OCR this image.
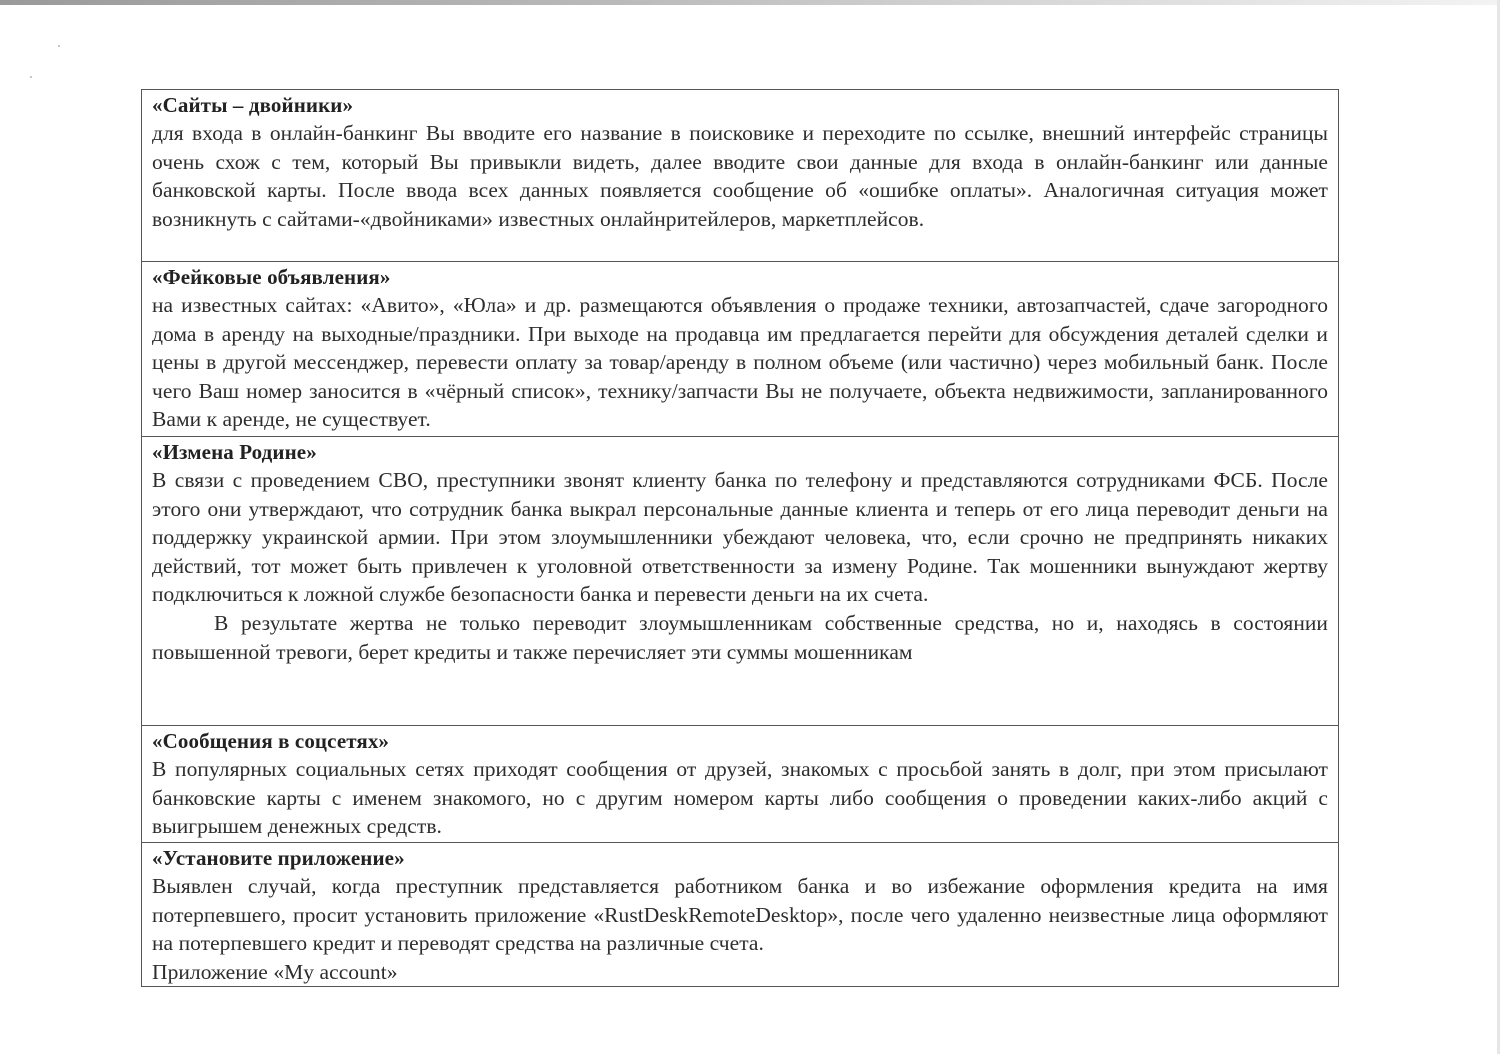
«Сайты – двойники»

для входа в онлайн-банкинг Вы вводите его название в поисковике и переходите по ссылке, внешний интерфейс страницы очень схож с тем, который Вы привыкли видеть, далее вводите свои данные для входа в онлайн-банкинг или данные банковской карты. После ввода всех данных появляется сообщение об «ошибке оплаты». Аналогичная ситуация может возникнуть с сайтами-«двойниками» известных онлайнритейлеров, маркетплейсов.

«Фейковые объявления»

на известных сайтах: «Авито», «Юла» и др. размещаются объявления о продаже техники, автозапчастей, сдаче загородного дома в аренду на выходные/праздники. При выходе на продавца им предлагается перейти для обсуждения деталей сделки и цены в другой мессенджер, перевести оплату за товар/аренду в полном объеме (или частично) через мобильный банк. После чего Ваш номер заносится в «чёрный список», технику/запчасти Вы не получаете, объекта недвижимости, запланированного Вами к аренде, не существует.

«Измена Родине»

В связи с проведением СВО, преступники звонят клиенту банка по телефону и представляются сотрудниками ФСБ. После этого они утверждают, что сотрудник банка выкрал персональные данные клиента и теперь от его лица переводит деньги на поддержку украинской армии. При этом злоумышленники убеждают человека, что, если срочно не предпринять никаких действий, тот может быть привлечен к уголовной ответственности за измену Родине. Так мошенники вынуждают жертву подключиться к ложной службе безопасности банка и перевести деньги на их счета.

В результате жертва не только переводит злоумышленникам собственные средства, но и, находясь в состоянии повышенной тревоги, берет кредиты и также перечисляет эти суммы мошенникам

«Сообщения в соцсетях»

В популярных социальных сетях приходят сообщения от друзей, знакомых с просьбой занять в долг, при этом присылают банковские карты с именем знакомого, но с другим номером карты либо сообщения о проведении каких-либо акций с выигрышем денежных средств.

«Установите приложение»

Выявлен случай, когда преступник представляется работником банка и во избежание оформления кредита на имя потерпевшего, просит установить приложение «RustDeskRemoteDesktop», после чего удаленно неизвестные лица оформляют на потерпевшего кредит и переводят средства на различные счета.

Приложение «My account»
